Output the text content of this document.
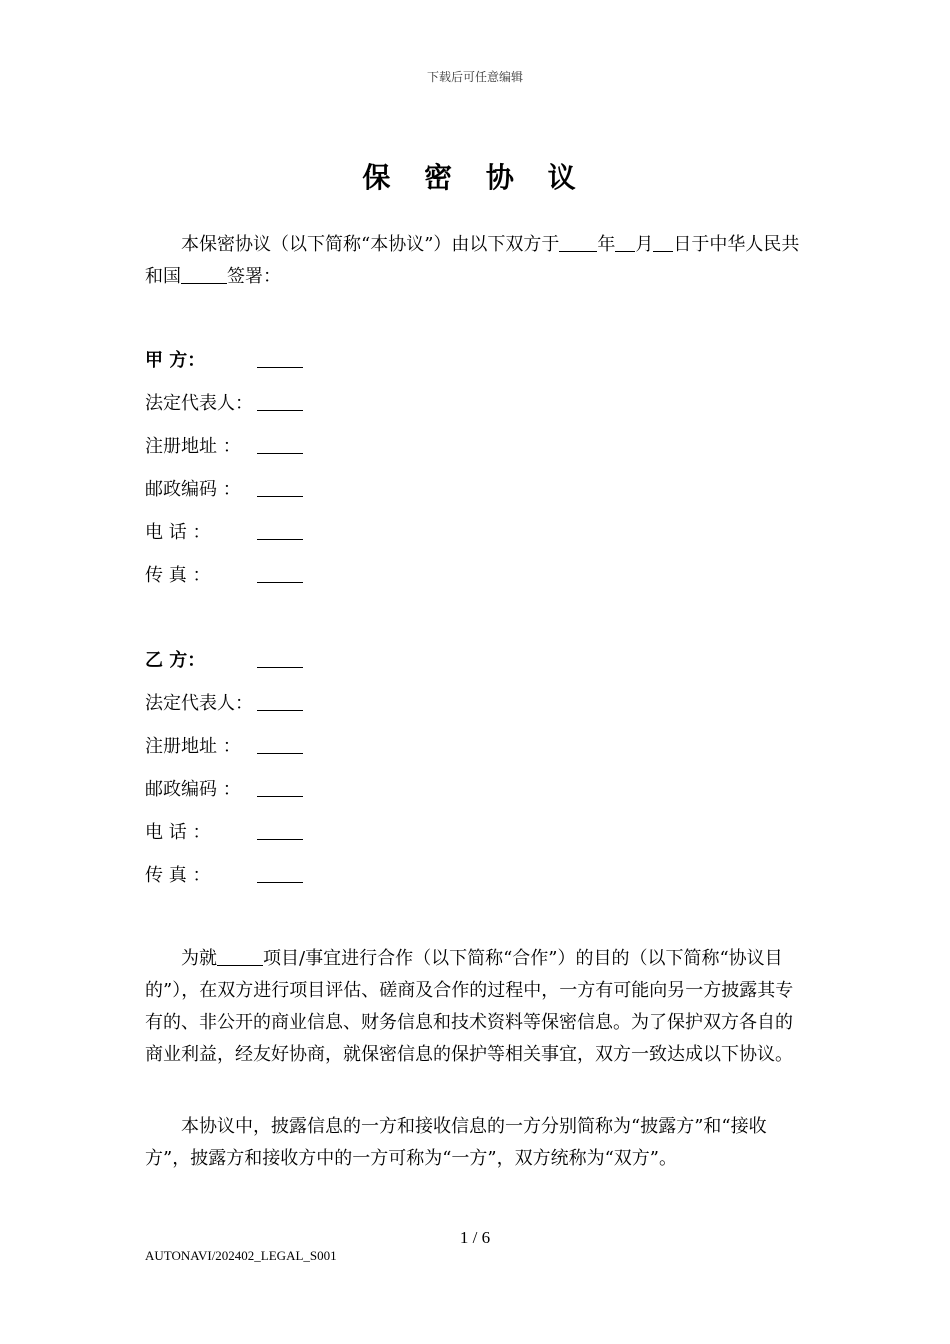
下载后可任意编辑
保 密 协 议
本保密协议（以下简称“本协议”）由以下双方于 年 月 日于中华人民共和国	签署：
甲 方：
法定代表人：
注册地址 ：
邮政编码 ：
电 话 ：
传 真 ：
乙 方：
法定代表人：
注册地址 ：
邮政编码 ：
电 话 ：
传 真 ：
为就	项目/事宜进行合作（以下简称“合作”）的目的（以下简称“协议目的”），在双方进行项目评估、磋商及合作的过程中，一方有可能向另一方披露其专有的、非公开的商业信息、财务信息和技术资料等保密信息。为了保护双方各自的商业利益，经友好协商，就保密信息的保护等相关事宜，双方一致达成以下协议。
本协议中，披露信息的一方和接收信息的一方分别简称为“披露方”和“接收方”，披露方和接收方中的一方可称为“一方”，双方统称为“双方”。
1 / 6
AUTONAVI/202402_LEGAL_S001
